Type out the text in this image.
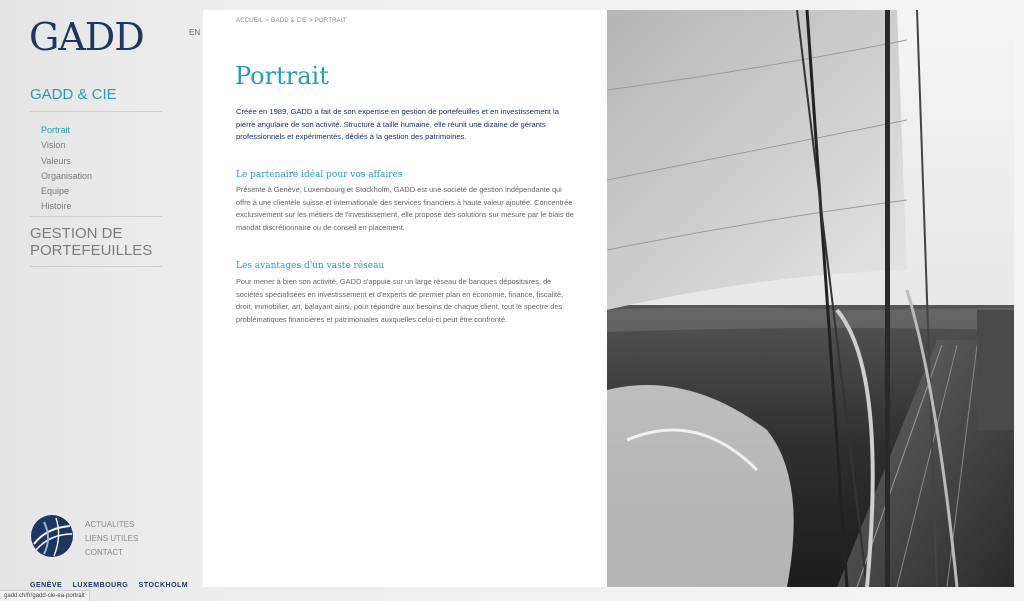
GADD	EN
GADD & CIE
Portrait
Vision
Valeurs
Organisation
Equipe
Histoire
GESTION DE PORTEFEUILLES
ACTUALITES
LIENS UTILES
CONTACT
GENÈVE LUXEMBOURG STOCKHOLM
gadd.ch/fr/gadd-cie-ea-portrait
ACCUEIL > GADD & CIE > PORTRAIT
Portrait

Créée en 1989, GADD a fait de son expertise en gestion de portefeuilles et en investissement la pierre angulaire de son activité. Structure à taille humaine, elle réunit une dizaine de gérants professionnels et expérimentés, dédiés à la gestion des patrimoines.

Le partenaire idéal pour vos affaires

Présente à Genève, Luxembourg et Stockholm, GADD est une société de gestion indépendante qui offre à une clientèle suisse et internationale des services financiers à haute valeur ajoutée. Concentrée exclusivement sur les métiers de l'investissement, elle propose des solutions sur mesure par le biais de mandat discrétionnaire ou de conseil en placement.

Les avantages d'un vaste réseau

Pour mener à bien son activité, GADD s'appuie sur un large réseau de banques dépositaires, de sociétés spécialisées en investissement et d'experts de premier plan en économie, finance, fiscalité, droit, immobilier, art, balayant ainsi, pour répondre aux besoins de chaque client, tout le spectre des problématiques financières et patrimoniales auxquelles celui-ci peut être confronté.
